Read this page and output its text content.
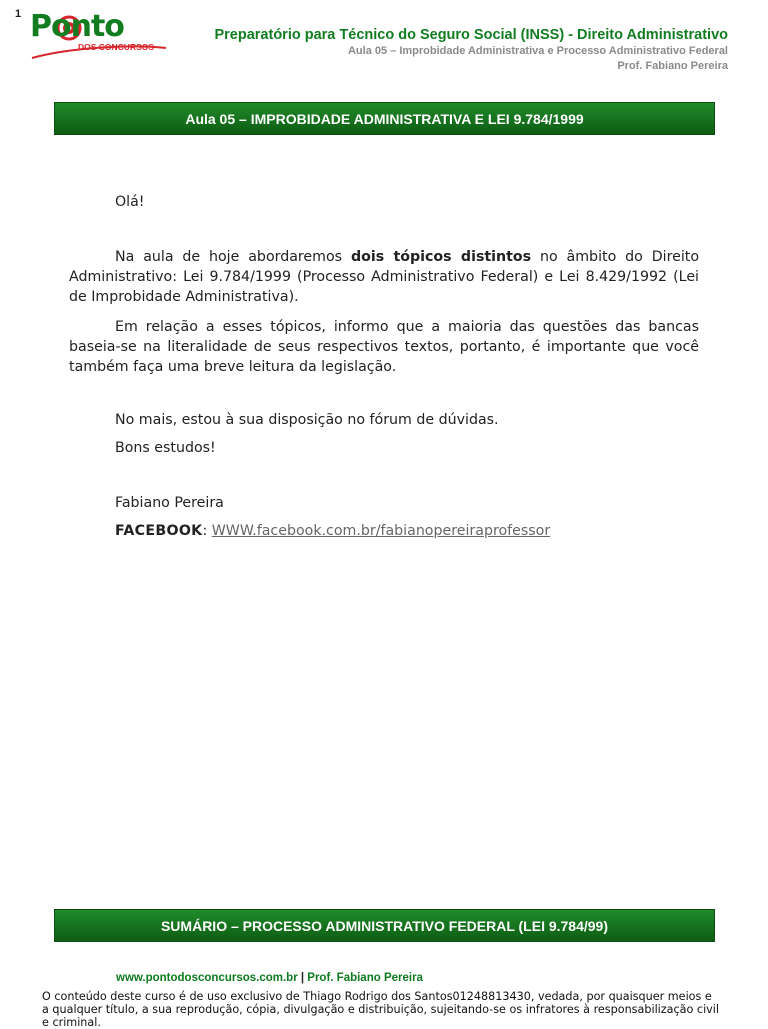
1 Ponto
DOS CONCURSOS
Preparatório para Técnico do Seguro Social (INSS) - Direito Administrativo
Aula 05 – Improbidade Administrativa e Processo Administrativo Federal
Prof. Fabiano Pereira
Aula 05 – IMPROBIDADE ADMINISTRATIVA E LEI 9.784/1999
Olá!

Na aula de hoje abordaremos dois tópicos distintos no âmbito do Direito Administrativo: Lei 9.784/1999 (Processo Administrativo Federal) e Lei 8.429/1992 (Lei de Improbidade Administrativa).

Em relação a esses tópicos, informo que a maioria das questões das bancas baseia-se na literalidade de seus respectivos textos, portanto, é importante que você também faça uma breve leitura da legislação.

No mais, estou à sua disposição no fórum de dúvidas.
Bons estudos!
Fabiano Pereira
FACEBOOK: WWW.facebook.com.br/fabianopereiraprofessor
SUMÁRIO – PROCESSO ADMINISTRATIVO FEDERAL (LEI 9.784/99)
www.pontodosconcursos.com.br | Prof. Fabiano Pereira
O conteúdo deste curso é de uso exclusivo de Thiago Rodrigo dos Santos01248813430, vedada, por quaisquer meios e a qualquer título, a sua reprodução, cópia, divulgação e distribuição, sujeitando-se os infratores à responsabilização civil e criminal.
